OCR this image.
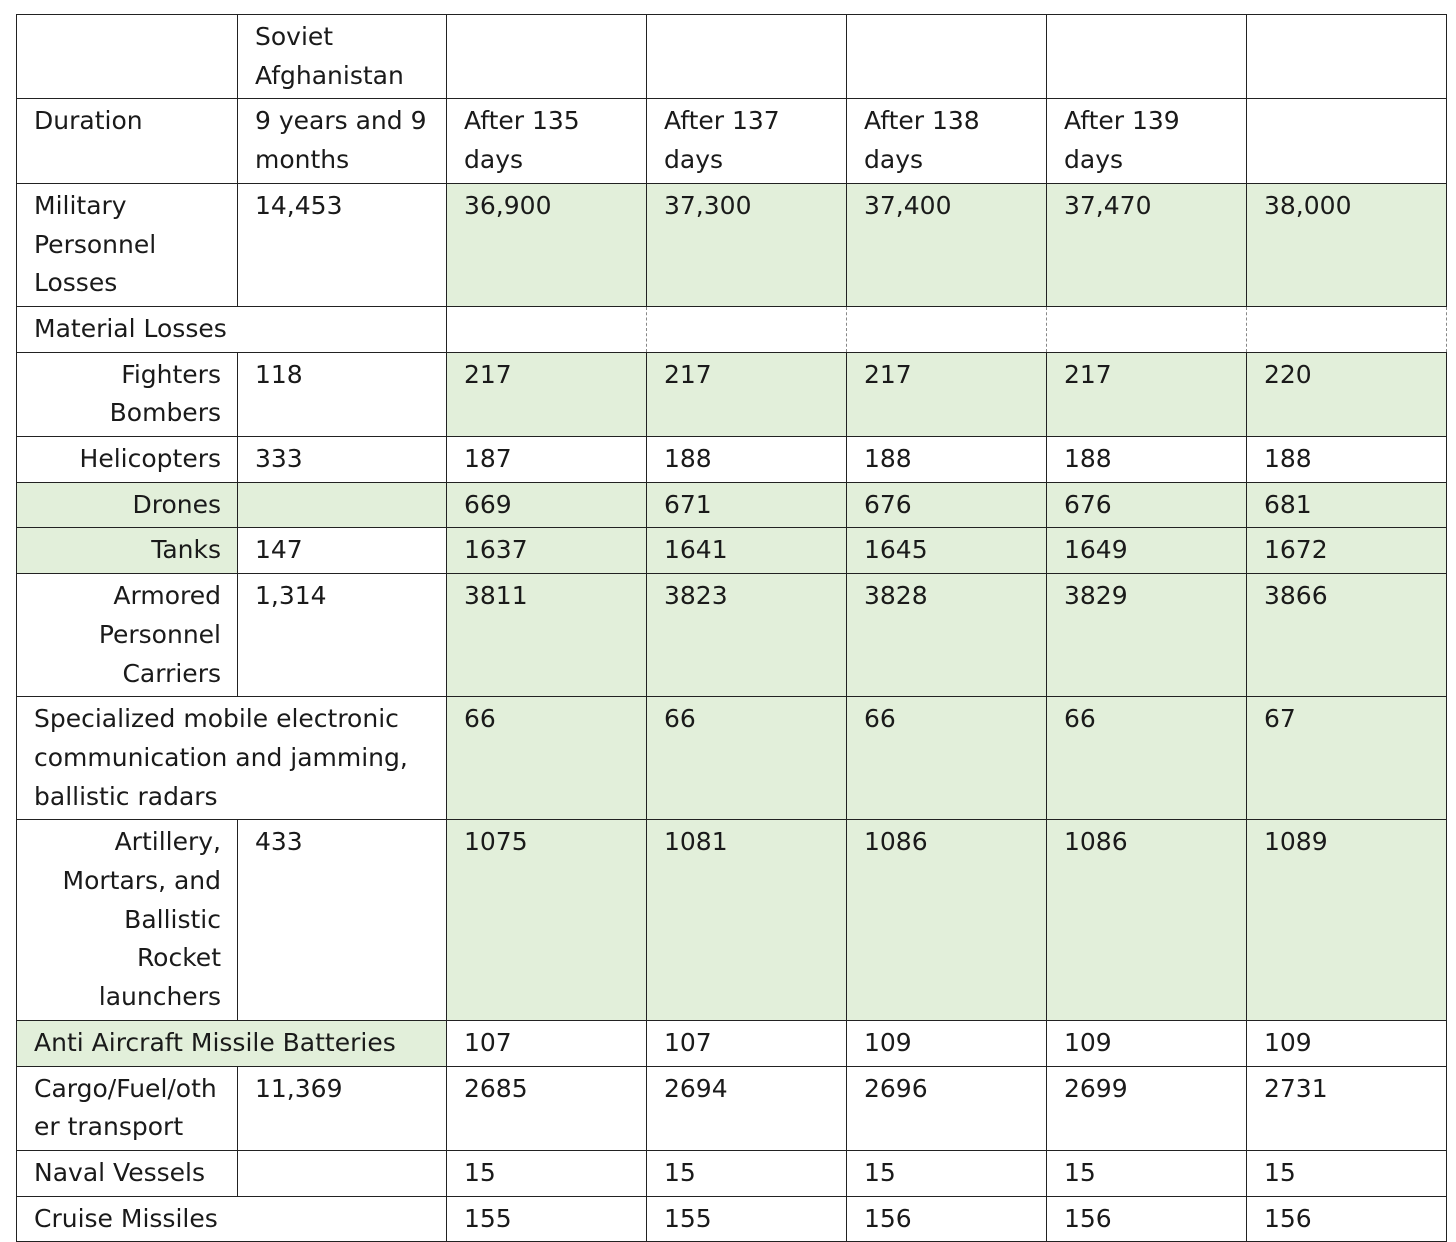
	Soviet Afghanistan					
Duration	9 years and 9 months	After 135 days	After 137 days	After 138 days	After 139 days	
Military Personnel Losses	14,453	36,900	37,300	37,400	37,470	38,000
Material Losses						
Fighters Bombers	118	217	217	217	217	220
Helicopters	333	187	188	188	188	188
Drones		669	671	676	676	681
Tanks	147	1637	1641	1645	1649	1672
Armored Personnel Carriers	1,314	3811	3823	3828	3829	3866
Specialized mobile electronic communication and jamming, ballistic radars		66	66	66	66	67
Artillery, Mortars, and Ballistic Rocket launchers	433	1075	1081	1086	1086	1089
Anti Aircraft Missile Batteries		107	107	109	109	109
Cargo/Fuel/other transport	11,369	2685	2694	2696	2699	2731
Naval Vessels		15	15	15	15	15
Cruise Missiles		155	155	156	156	156
